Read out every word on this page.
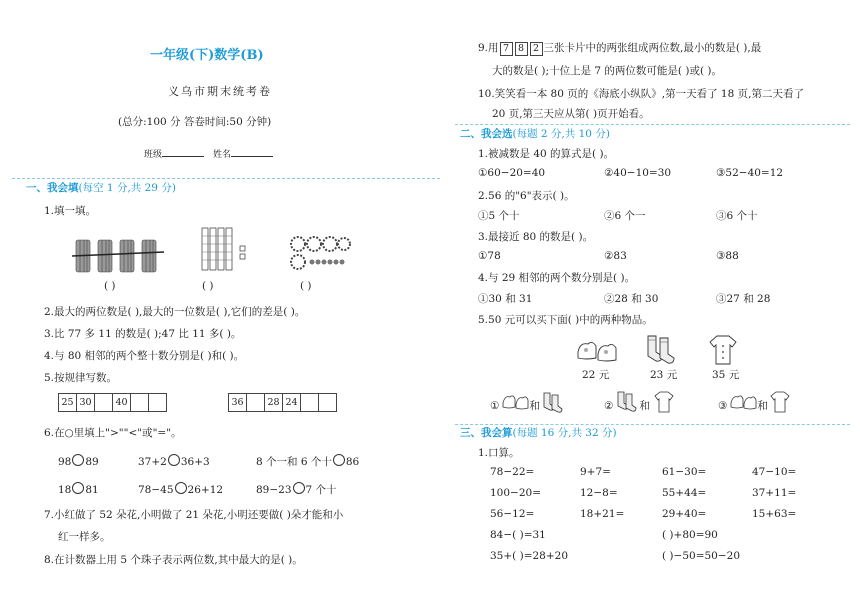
一年级(下)数学(B)
义乌市期末统考卷
(总分:100 分 答卷时间:50 分钟)
班级	姓名
一、我会填(每空 1 分,共 29 分)
1.填一填。
( )	( )	( )
2.最大的两位数是( ),最大的一位数是( ),它们的差是( )。
3.比 77 多 11 的数是( );47 比 11 多( )。
4.与 80 相邻的两个整十数分别是( )和( )。
5.按规律写数。
25	30		40			36		28	24		
6.在○里填上">""<"或"="。
98 89	37+2 36+3	8 个一和 6 个十 86
18 81	78−45 26+12	89−23 7 个十
7.小红做了 52 朵花,小明做了 21 朵花,小明还要做( )朵才能和小
红一样多。
8.在计数器上用 5 个珠子表示两位数,其中最大的是( )。
9.用 7 8 2 三张卡片中的两张组成两位数,最小的数是( ),最
大的数是( );十位上是 7 的两位数可能是( )或( )。
10.笑笑看一本 80 页的《海底小纵队》,第一天看了 18 页,第二天看了
20 页,第三天应从第( )页开始看。
二、我会选(每题 2 分,共 10 分)
1.被减数是 40 的算式是( )。
①60−20=40	②40−10=30	③52−40=12
2.56 的"6"表示( )。
①5 个十	②6 个一	③6 个十
3.最接近 80 的数是( )。
①78	②83	③88
4.与 29 相邻的两个数分别是( )。
①30 和 31	②28 和 30	③27 和 28
5.50 元可以买下面( )中的两种物品。
22 元	23 元	35 元
①	和	② 和	③	和
三、我会算(每题 16 分,共 32 分)
1.口算。
78−22=	9+7=	61−30=	47−10=
100−20=	12−8=	55+44=	37+11=
56−12=	18+21=	29+40=	15+63=
84−( )=31	( )+80=90
35+( )=28+20	( )−50=50−20
